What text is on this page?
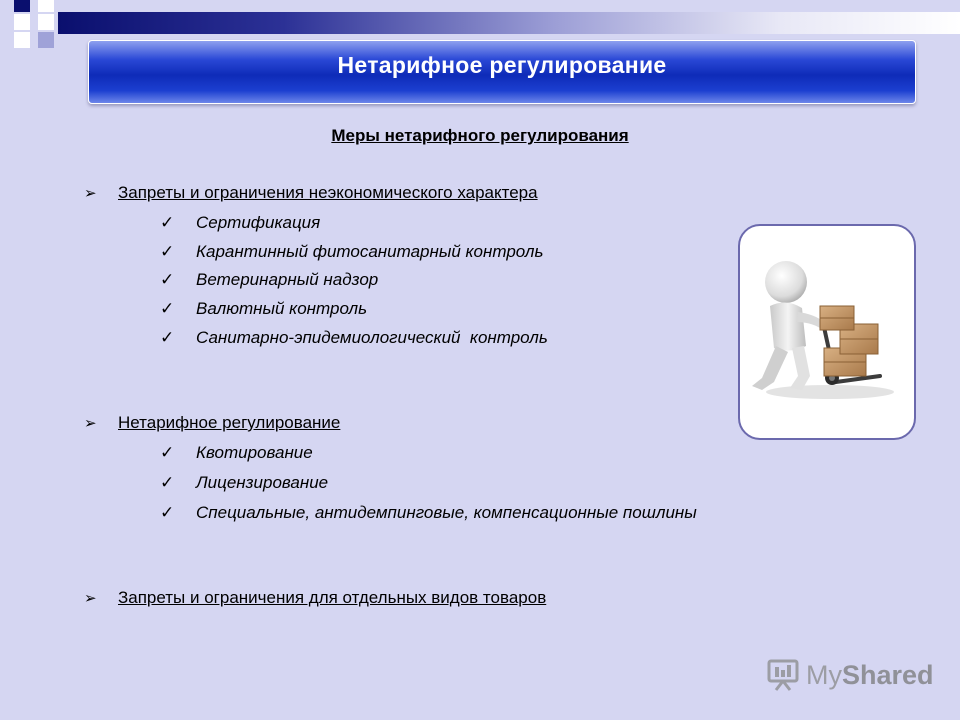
Нетарифное регулирование
Меры нетарифного регулирования
➢	Запреты и ограничения неэкономического характера
✓	Сертификация
✓	Карантинный фитосанитарный контроль
✓	Ветеринарный надзор
✓	Валютный контроль
✓	Санитарно-эпидемиологический  контроль
➢	Нетарифное регулирование
✓	Квотирование
✓	Лицензирование
✓	Специальные, антидемпинговые, компенсационные пошлины
➢	Запреты и ограничения для отдельных видов товаров
MyShared
